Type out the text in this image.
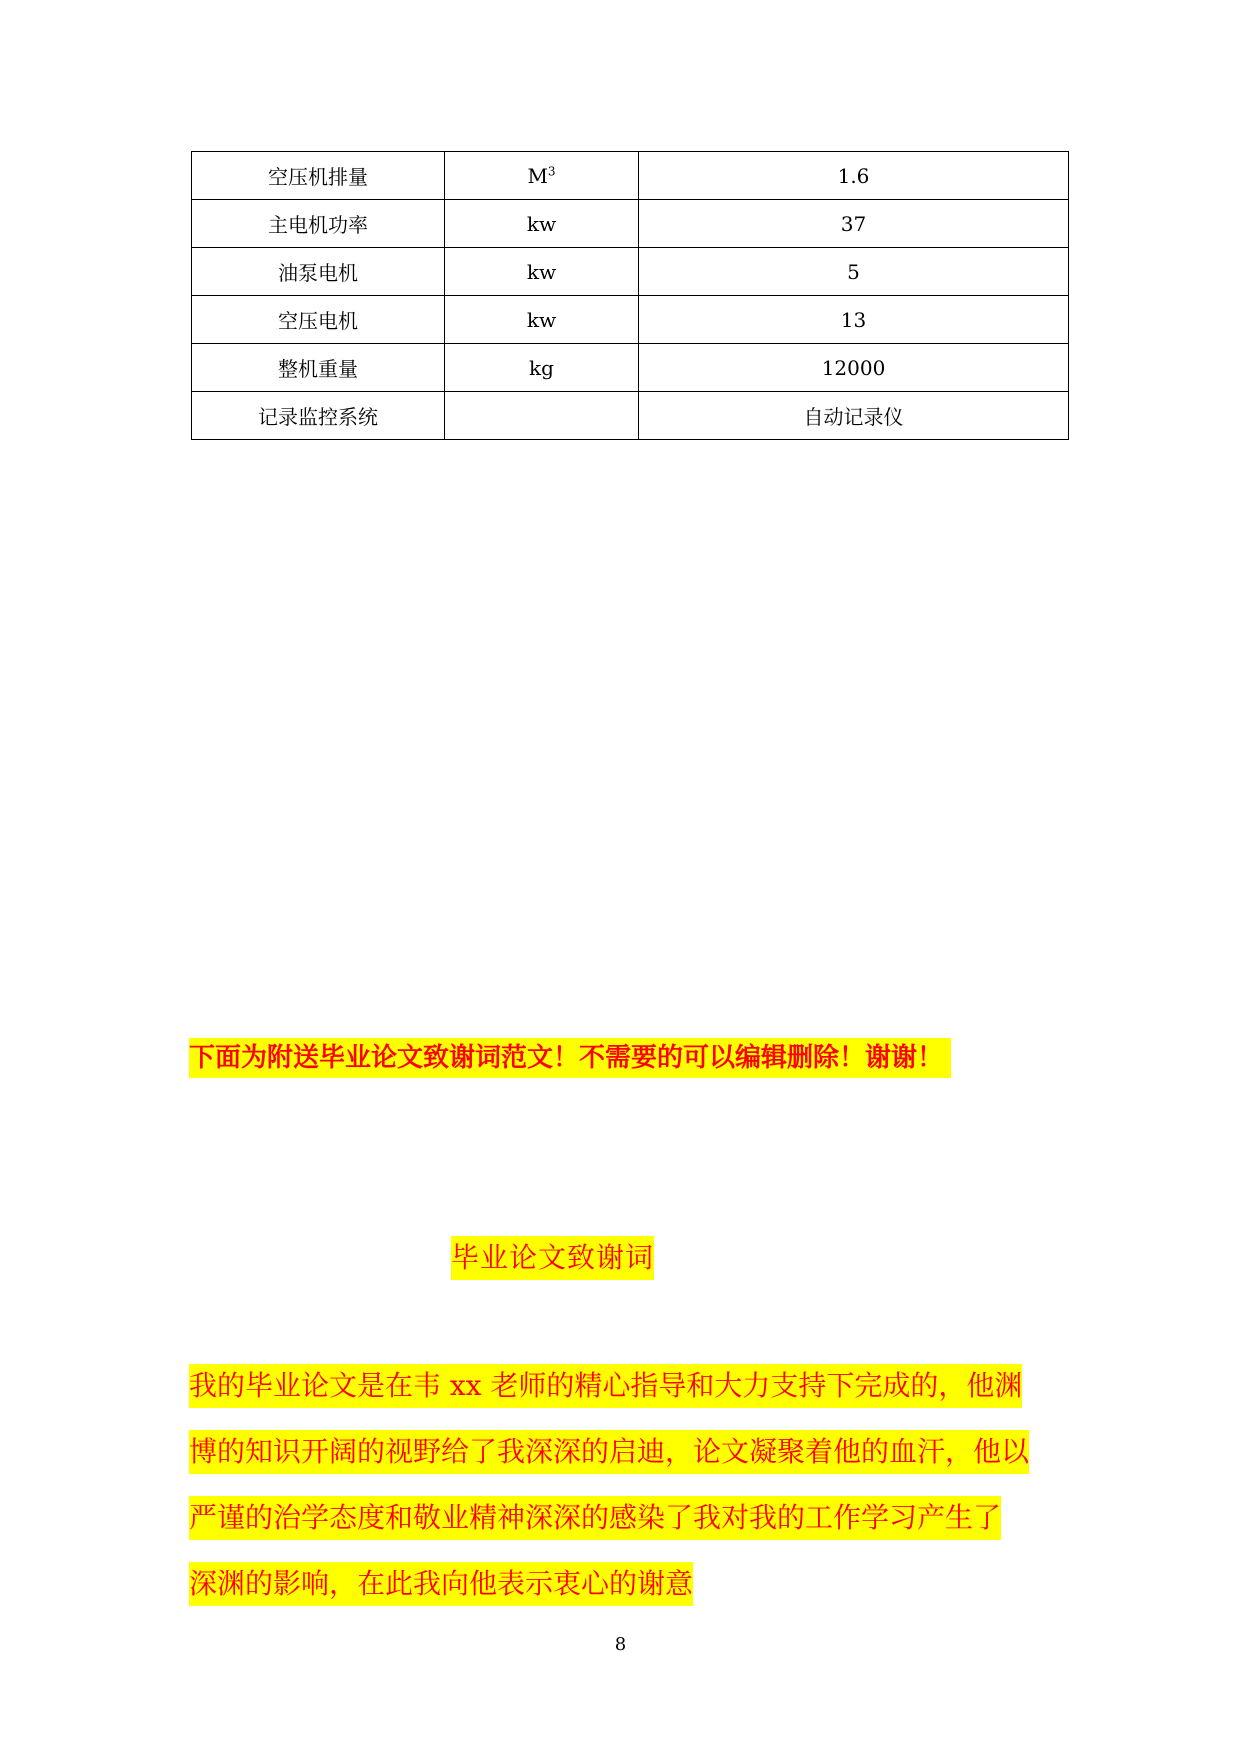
空压机排量	$M^3$	1.6
主电机功率	kw	37
油泵电机	kw	5
空压电机	kw	13
整机重量	kg	12000
记录监控系统		自动记录仪
下面为附送毕业论文致谢词范文！不需要的可以编辑删除！谢谢！
毕业论文致谢词
我的毕业论文是在韦 xx 老师的精心指导和大力支持下完成的，他渊
博的知识开阔的视野给了我深深的启迪，论文凝聚着他的血汗，他以
严谨的治学态度和敬业精神深深的感染了我对我的工作学习产生了
深渊的影响，在此我向他表示衷心的谢意
8
